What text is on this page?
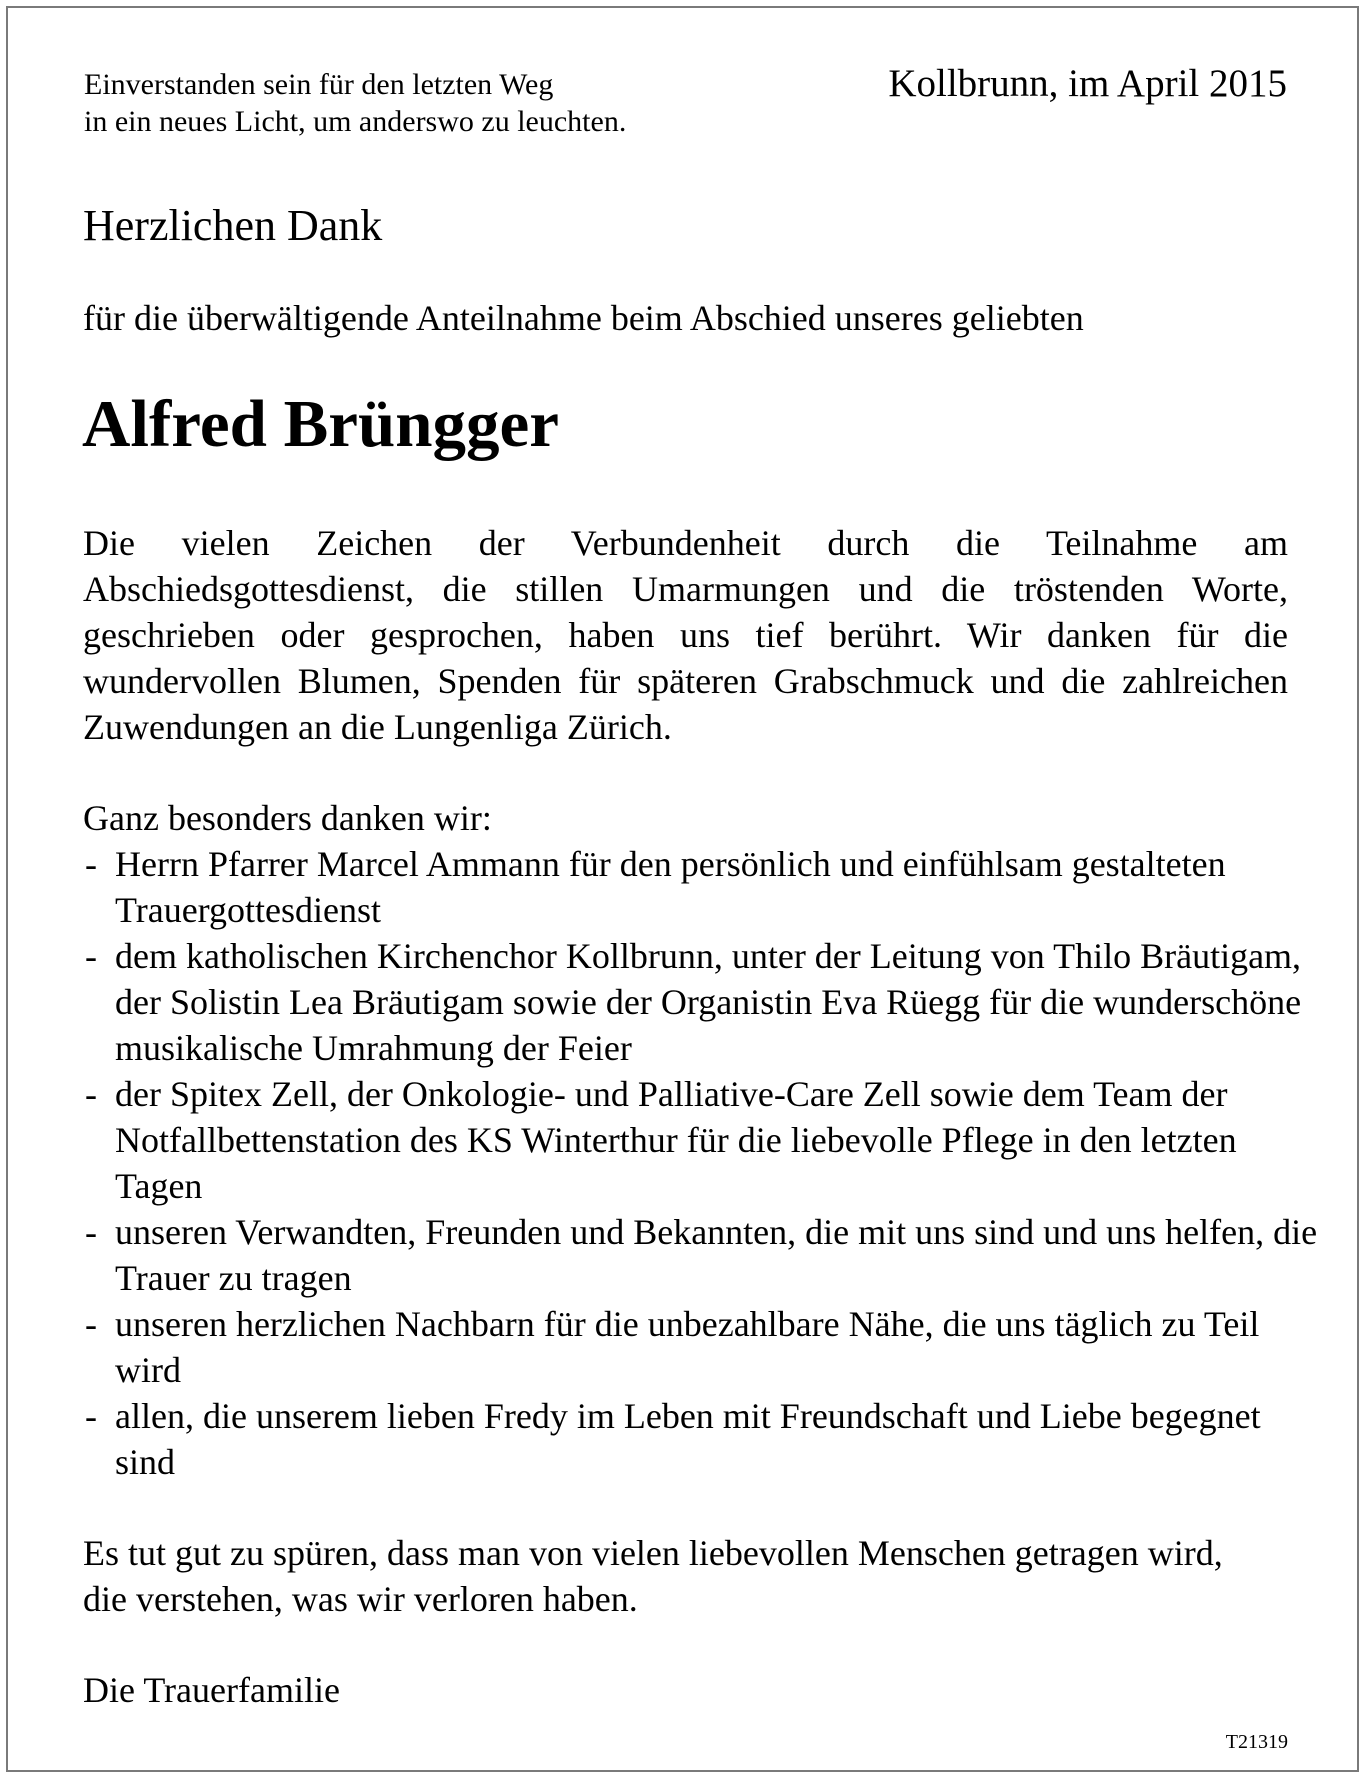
Einverstanden sein für den letzten Weg
in ein neues Licht, um anderswo zu leuchten.

Kollbrunn, im April 2015

Herzlichen Dank

für die überwältigende Anteilnahme beim Abschied unseres geliebten

Alfred Brüngger

Die vielen Zeichen der Verbundenheit durch die Teilnahme am Abschiedsgottesdienst, die stillen Umarmungen und die tröstenden Worte, geschrieben oder gesprochen, haben uns tief berührt. Wir danken für die wundervollen Blumen, Spenden für späteren Grabschmuck und die zahlreichen Zuwendungen an die Lungenliga Zürich.

Ganz besonders danken wir:

- Herrn Pfarrer Marcel Ammann für den persönlich und einfühlsam gestalteten Trauergottesdienst
- dem katholischen Kirchenchor Kollbrunn, unter der Leitung von Thilo Bräutigam, der Solistin Lea Bräutigam sowie der Organistin Eva Rüegg für die wunderschöne musikalische Umrahmung der Feier
- der Spitex Zell, der Onkologie- und Palliative-Care Zell sowie dem Team der Notfallbettenstation des KS Winterthur für die liebevolle Pflege in den letzten Tagen
- unseren Verwandten, Freunden und Bekannten, die mit uns sind und uns helfen, die Trauer zu tragen
- unseren herzlichen Nachbarn für die unbezahlbare Nähe, die uns täglich zu Teil wird
- allen, die unserem lieben Fredy im Leben mit Freundschaft und Liebe begegnet sind

Es tut gut zu spüren, dass man von vielen liebevollen Menschen getragen wird, die verstehen, was wir verloren haben.

Die Trauerfamilie

T21319
